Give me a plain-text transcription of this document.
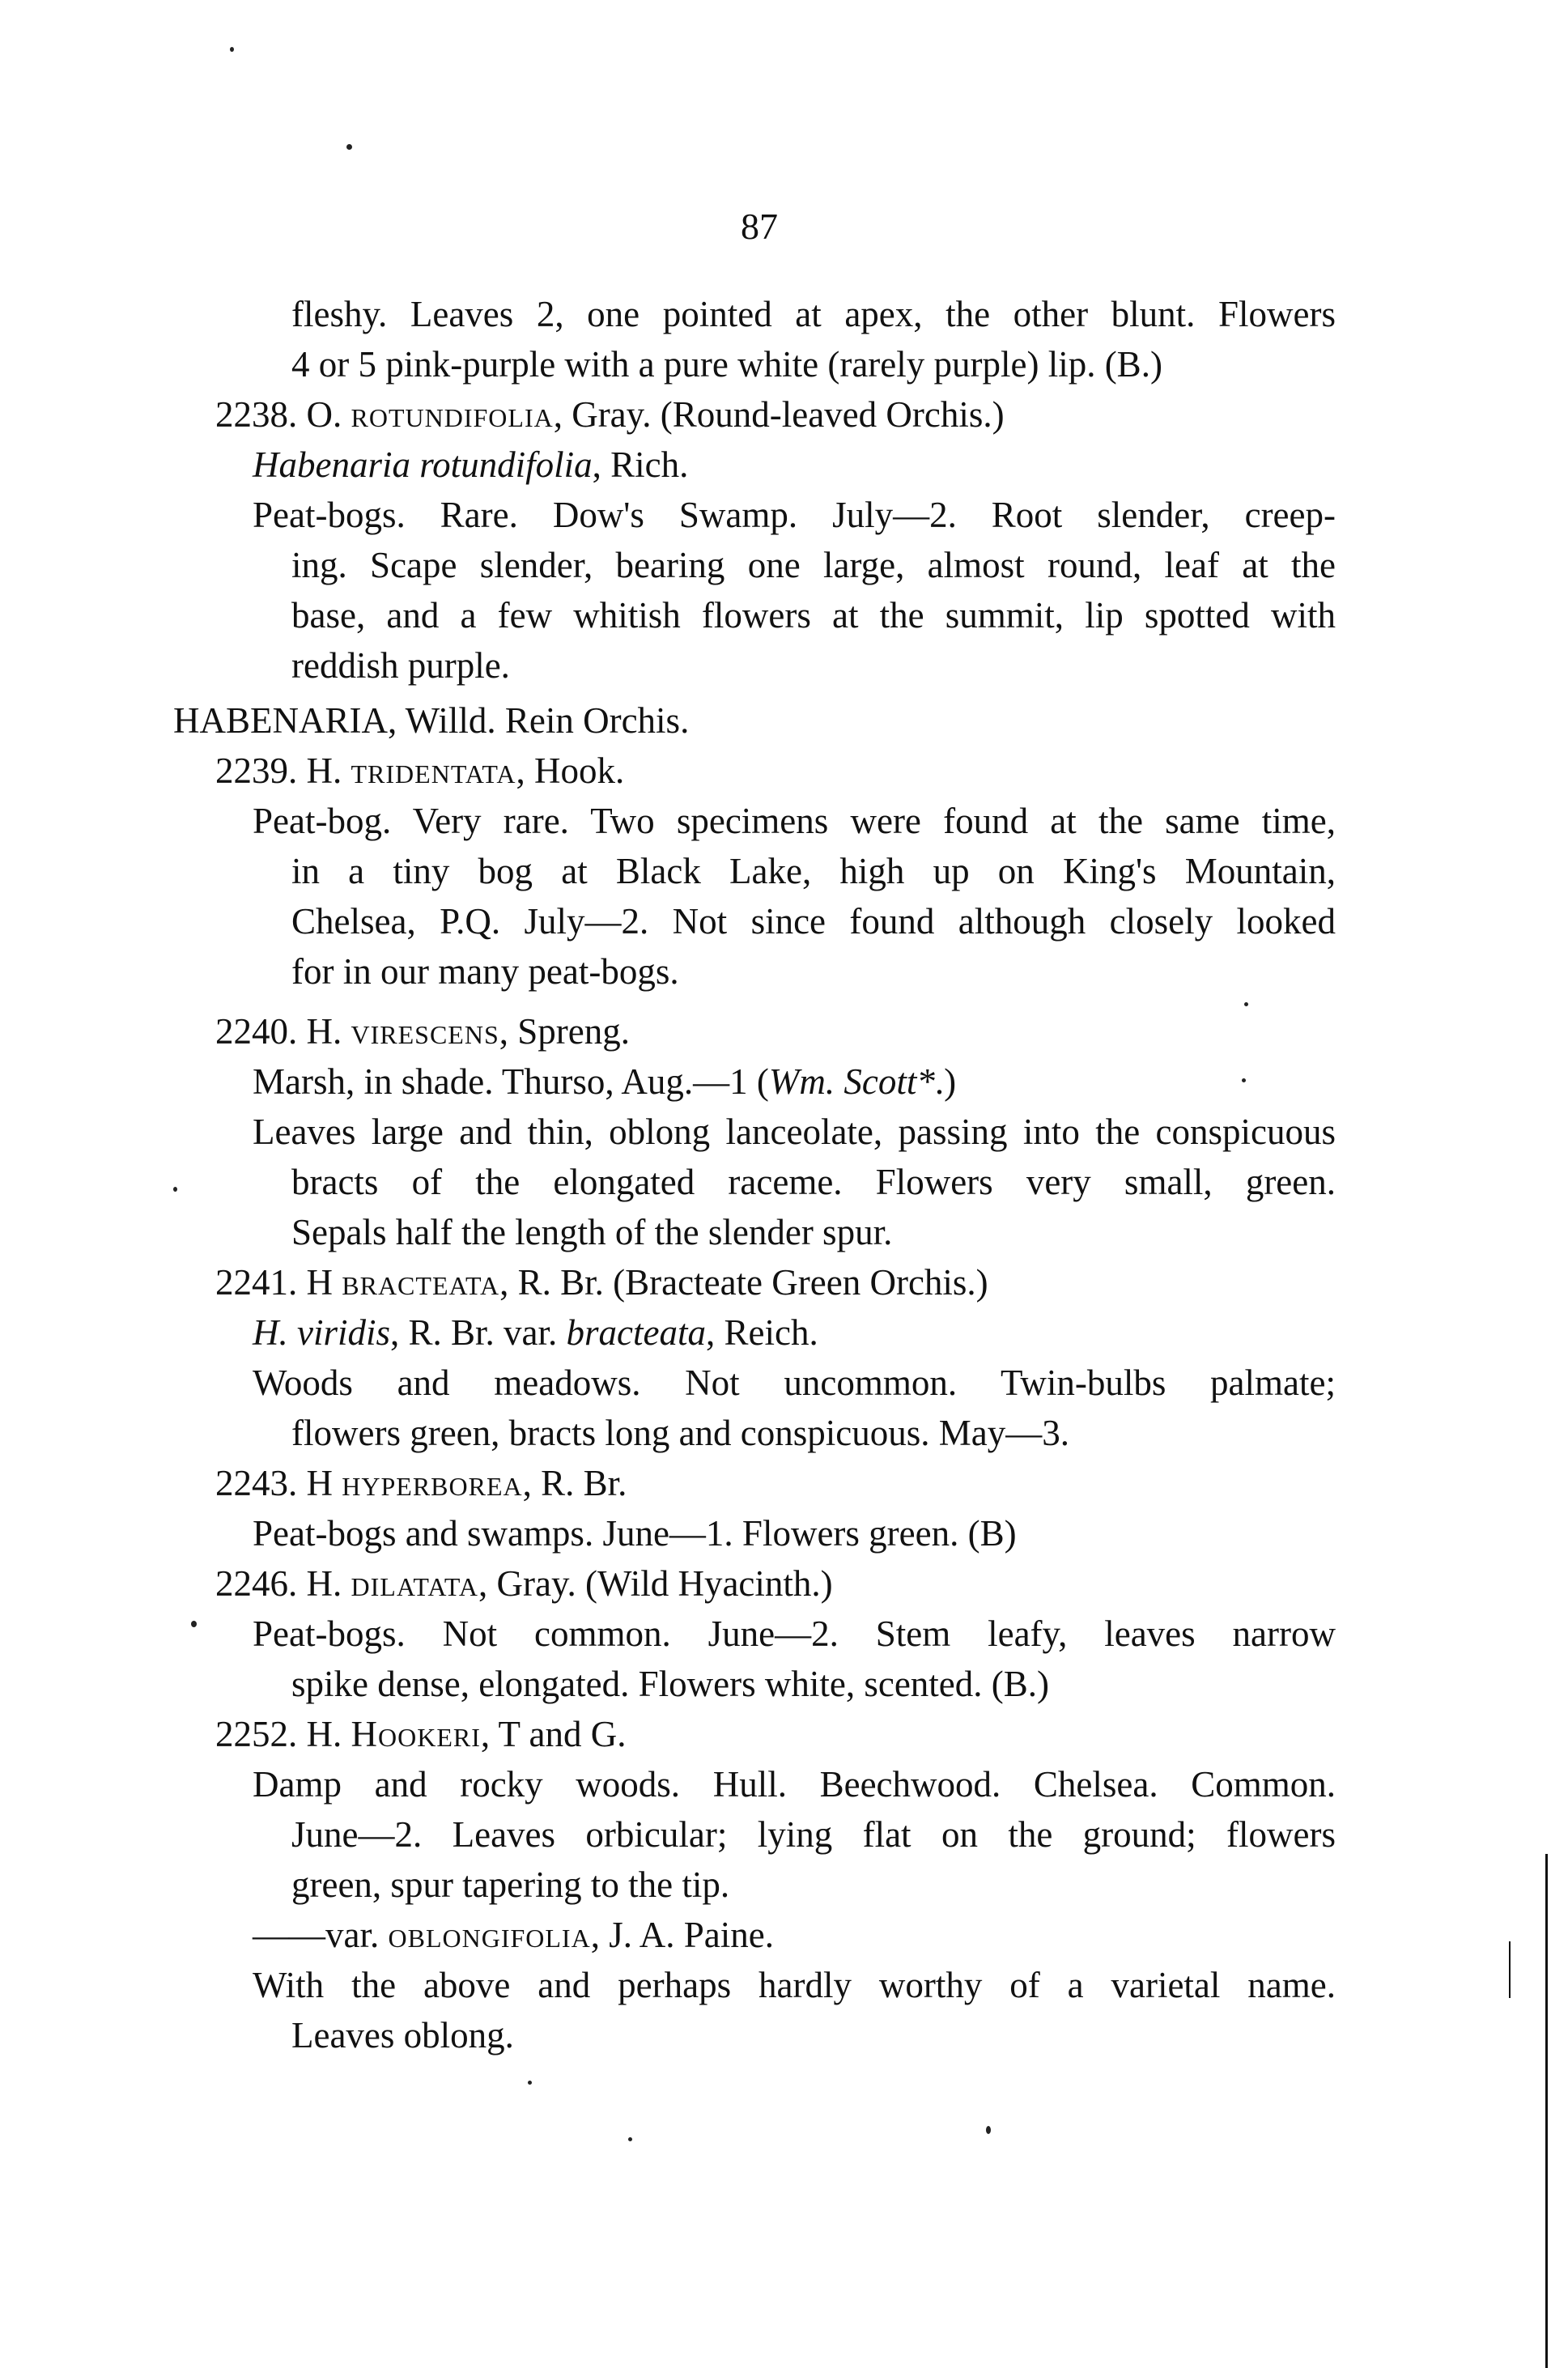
87
fleshy. Leaves 2, one pointed at apex, the other blunt. Flowers
4 or 5 pink-purple with a pure white (rarely purple) lip. (B.)
2238. O. rotundifolia, Gray. (Round-leaved Orchis.)
Habenaria rotundifolia, Rich.
Peat-bogs. Rare. Dow's Swamp. July—2. Root slender, creep-
ing. Scape slender, bearing one large, almost round, leaf at the
base, and a few whitish flowers at the summit, lip spotted with
reddish purple.
HABENARIA, Willd. Rein Orchis.
2239. H. tridentata, Hook.
Peat-bog. Very rare. Two specimens were found at the same time,
in a tiny bog at Black Lake, high up on King's Mountain,
Chelsea, P.Q. July—2. Not since found although closely looked
for in our many peat-bogs.
2240. H. virescens, Spreng.
Marsh, in shade. Thurso, Aug.—1 (Wm. Scott*.)
Leaves large and thin, oblong lanceolate, passing into the conspicuous
bracts of the elongated raceme. Flowers very small, green.
Sepals half the length of the slender spur.
2241. H bracteata, R. Br. (Bracteate Green Orchis.)
H. viridis, R. Br. var. bracteata, Reich.
Woods and meadows. Not uncommon. Twin-bulbs palmate;
flowers green, bracts long and conspicuous. May—3.
2243. H hyperborea, R. Br.
Peat-bogs and swamps. June—1. Flowers green. (B)
2246. H. dilatata, Gray. (Wild Hyacinth.)
Peat-bogs. Not common. June—2. Stem leafy, leaves narrow
spike dense, elongated. Flowers white, scented. (B.)
2252. H. Hookeri, T and G.
Damp and rocky woods. Hull. Beechwood. Chelsea. Common.
June—2. Leaves orbicular; lying flat on the ground; flowers
green, spur tapering to the tip.
——var. oblongifolia, J. A. Paine.
With the above and perhaps hardly worthy of a varietal name.
Leaves oblong.
